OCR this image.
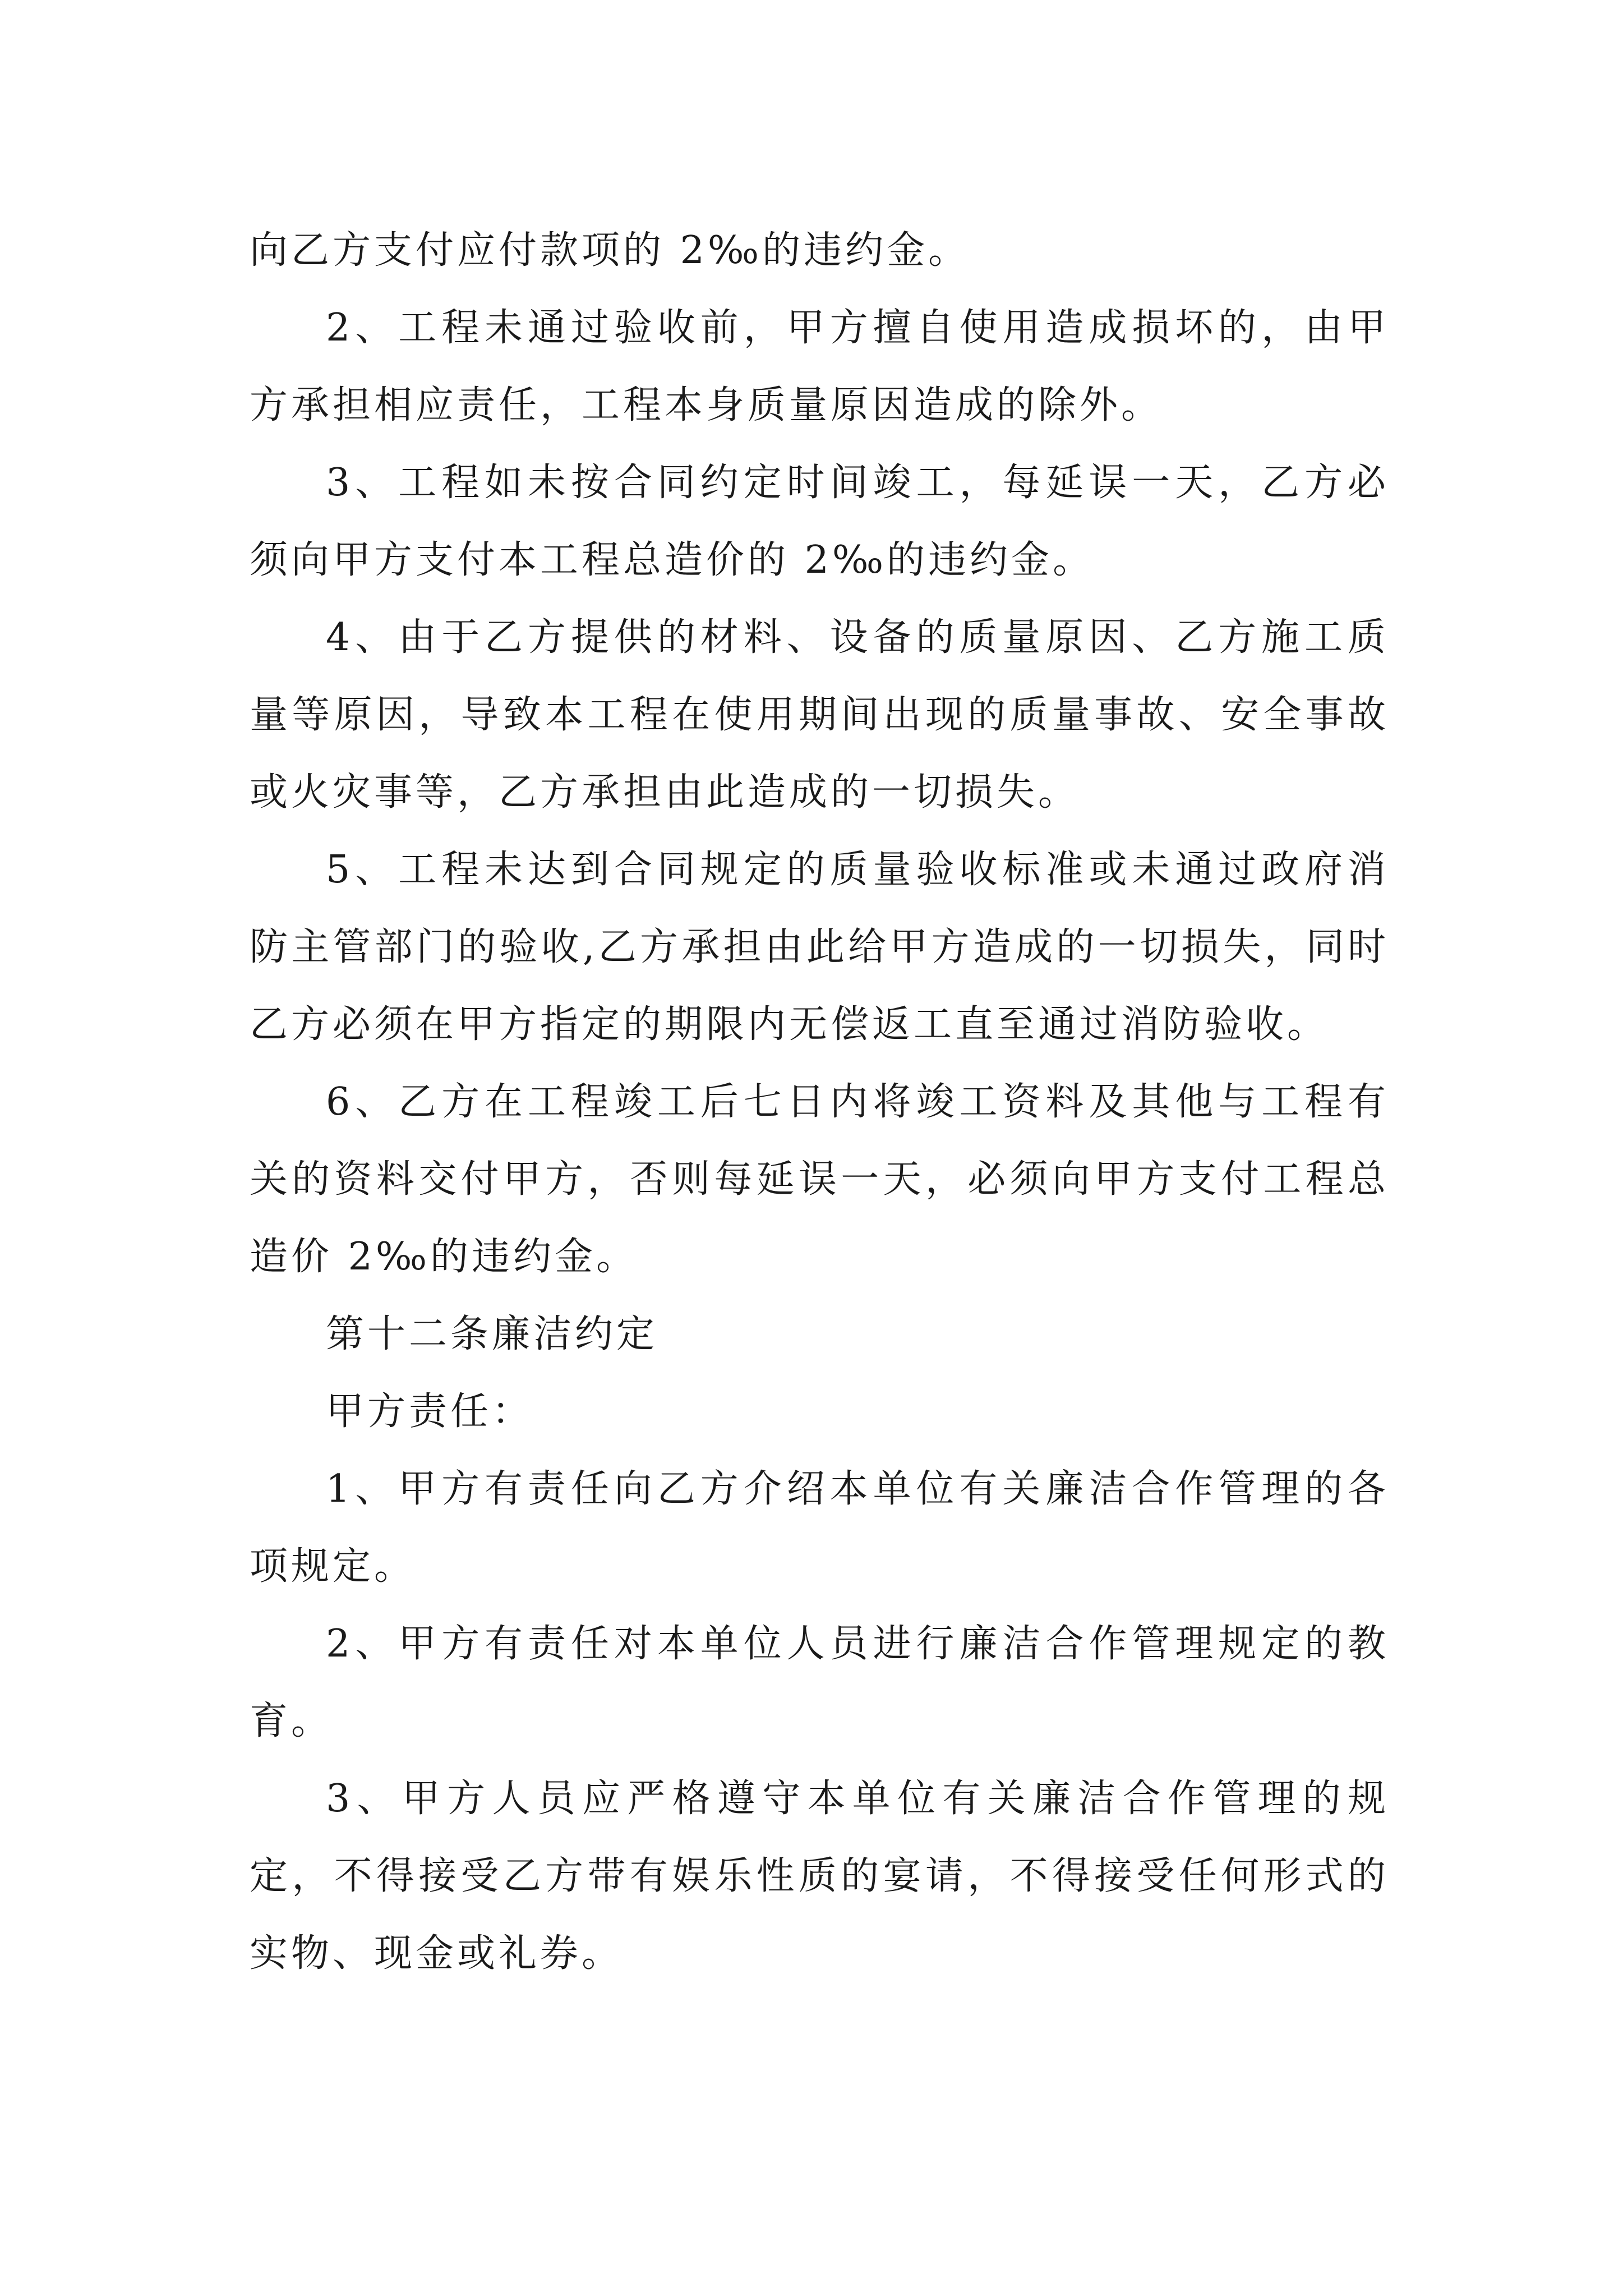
向乙方支付应付款项的 2‰的违约金。

2、工程未通过验收前，甲方擅自使用造成损坏的，由甲方承担相应责任，工程本身质量原因造成的除外。

3、工程如未按合同约定时间竣工，每延误一天，乙方必须向甲方支付本工程总造价的 2‰的违约金。

4、由于乙方提供的材料、设备的质量原因、乙方施工质量等原因，导致本工程在使用期间出现的质量事故、安全事故或火灾事等，乙方承担由此造成的一切损失。

5、工程未达到合同规定的质量验收标准或未通过政府消防主管部门的验收,乙方承担由此给甲方造成的一切损失，同时乙方必须在甲方指定的期限内无偿返工直至通过消防验收。

6、乙方在工程竣工后七日内将竣工资料及其他与工程有关的资料交付甲方，否则每延误一天，必须向甲方支付工程总造价 2‰的违约金。

第十二条廉洁约定

甲方责任：

1、甲方有责任向乙方介绍本单位有关廉洁合作管理的各项规定。

2、甲方有责任对本单位人员进行廉洁合作管理规定的教育。

3、甲方人员应严格遵守本单位有关廉洁合作管理的规定，不得接受乙方带有娱乐性质的宴请，不得接受任何形式的实物、现金或礼券。
